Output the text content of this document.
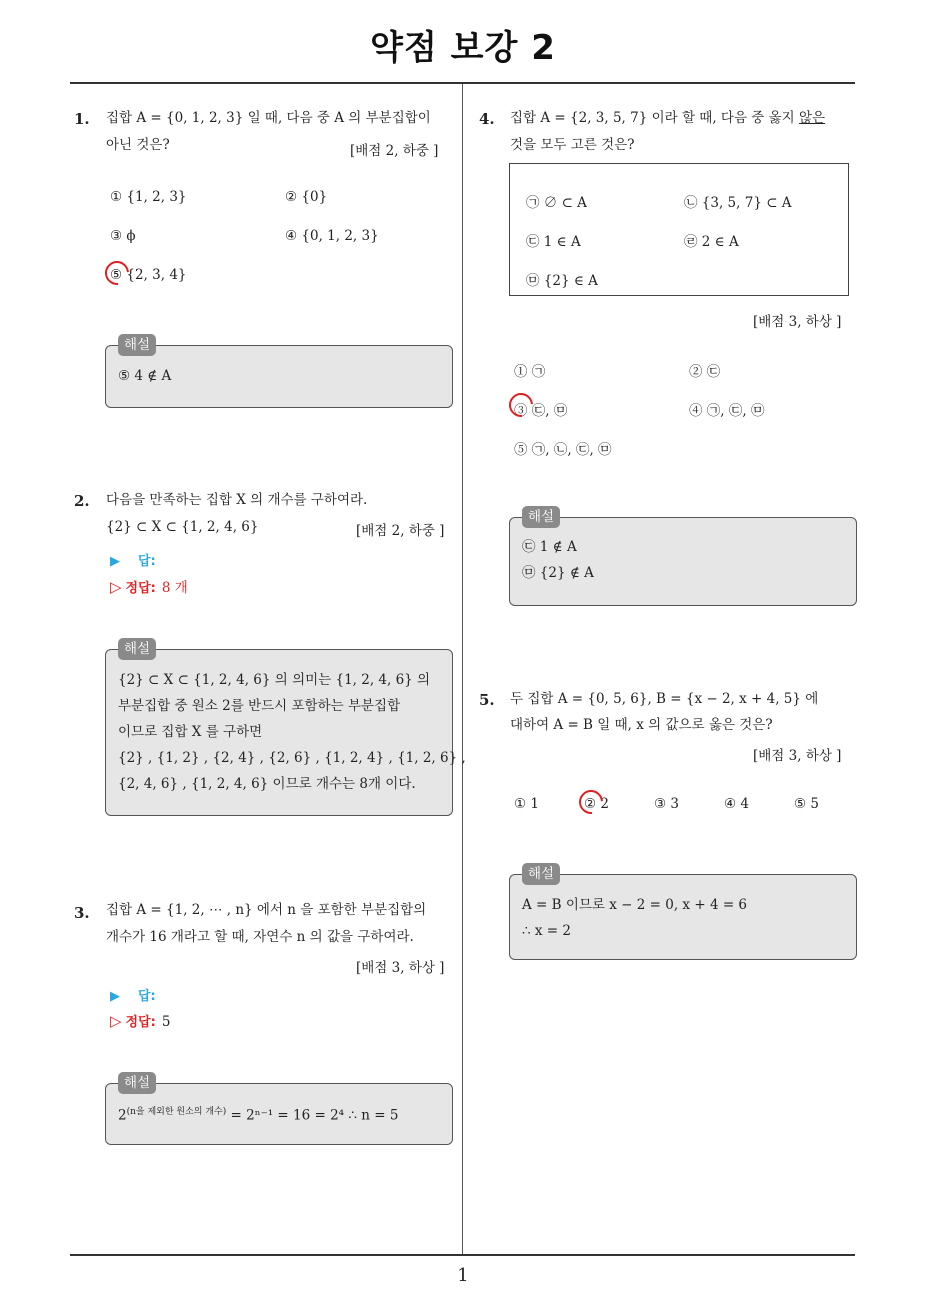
약점 보강 2
1. 집합 A = {0, 1, 2, 3} 일 때, 다음 중 A 의 부분집합이
아닌 것은?	[배점 2, 하중 ]
① {1, 2, 3}	② {0}
③ ϕ	④ {0, 1, 2, 3}
⑤ {2, 3, 4}
해설
⑤ 4 ∉ A
2. 다음을 만족하는 집합 X 의 개수를 구하여라.
{2} ⊂ X ⊂ {1, 2, 4, 6}	[배점 2, 하중 ]
▶ 답:
▷ 정답: 8 개
해설
{2} ⊂ X ⊂ {1, 2, 4, 6} 의 의미는 {1, 2, 4, 6} 의
부분집합 중 원소 2를 반드시 포함하는 부분집합
이므로 집합 X 를 구하면
{2} , {1, 2} , {2, 4} , {2, 6} , {1, 2, 4} , {1, 2, 6} ,
{2, 4, 6} , {1, 2, 4, 6} 이므로 개수는 8개 이다.
3. 집합 A = {1, 2, ⋯ , n} 에서 n 을 포함한 부분집합의
개수가 16 개라고 할 때, 자연수 n 의 값을 구하여라.
[배점 3, 하상 ]
▶ 답:
▷ 정답: 5
해설
$2^{(n을 제외한 원소의 개수)} = 2^{n-1} = 16 = 2^4$ ∴ n = 5
4. 집합 A = {2, 3, 5, 7} 이라 할 때, 다음 중 옳지 않은
것을 모두 고른 것은?
㉠ ∅ ⊂ A	㉡ {3, 5, 7} ⊂ A
㉢ 1 ∈ A	㉣ 2 ∈ A
㉤ {2} ∈ A
[배점 3, 하상 ]
① ㉠	② ㉢
③ ㉢, ㉤	④ ㉠, ㉢, ㉤
⑤ ㉠, ㉡, ㉢, ㉤
해설
㉢ 1 ∉ A
㉤ {2} ∉ A
5. 두 집합 A = {0, 5, 6}, B = {x − 2, x + 4, 5} 에
대하여 A = B 일 때, x 의 값으로 옳은 것은?
[배점 3, 하상 ]
① 1	② 2	③ 3	④ 4	⑤ 5
해설
A = B 이므로 x − 2 = 0, x + 4 = 6
∴ x = 2
1
